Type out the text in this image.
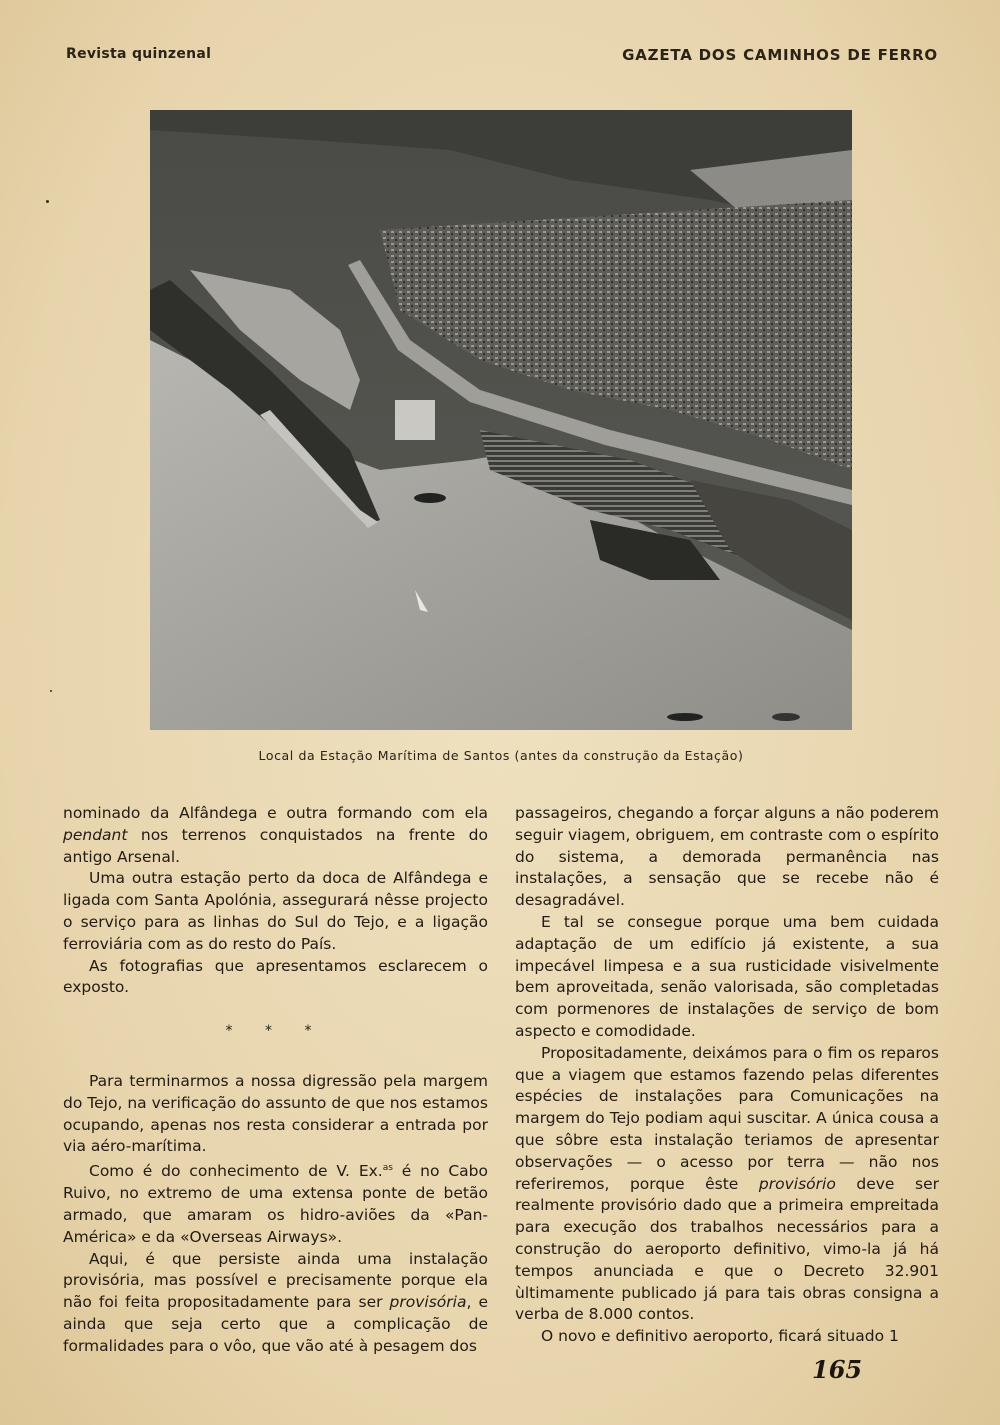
Revista quinzenal	GAZETA DOS CAMINHOS DE FERRO
Local da Estação Marítima de Santos (antes da construção da Estação)

nominado da Alfândega e outra formando com ela pendant nos terrenos conquistados na frente do antigo Arsenal.

Uma outra estação perto da doca de Alfândega e ligada com Santa Apolónia, assegurará nêsse projecto o serviço para as linhas do Sul do Tejo, e a ligação ferroviária com as do resto do País.

As fotografias que apresentamos esclarecem o exposto.

* * *

Para terminarmos a nossa digressão pela margem do Tejo, na verificação do assunto de que nos estamos ocupando, apenas nos resta considerar a entrada por via aéro-marítima.

Como é do conhecimento de V. Ex.$^{as}$ é no Cabo Ruivo, no extremo de uma extensa ponte de betão armado, que amaram os hidro-aviões da «Pan-América» e da «Overseas Airways».

Aqui, é que persiste ainda uma instalação provisória, mas possível e precisamente porque ela não foi feita propositadamente para ser provisória, e ainda que seja certo que a complicação de formalidades para o vôo, que vão até à pesagem dos

passageiros, chegando a forçar alguns a não poderem seguir viagem, obriguem, em contraste com o espírito do sistema, a demorada permanência nas instalações, a sensação que se recebe não é desagradável.

E tal se consegue porque uma bem cuidada adaptação de um edifício já existente, a sua impecável limpesa e a sua rusticidade visivelmente bem aproveitada, senão valorisada, são completadas com pormenores de instalações de serviço de bom aspecto e comodidade.

Propositadamente, deixámos para o fim os reparos que a viagem que estamos fazendo pelas diferentes espécies de instalações para Comunicações na margem do Tejo podiam aqui suscitar. A única cousa a que sôbre esta instalação teriamos de apresentar observações — o acesso por terra — não nos referiremos, porque êste provisório deve ser realmente provisório dado que a primeira empreitada para execução dos trabalhos necessários para a construção do aeroporto definitivo, vimo-la já há tempos anunciada e que o Decreto 32.901 ùltimamente publicado já para tais obras consigna a verba de 8.000 contos.

O novo e definitivo aeroporto, ficará situado 1

165
